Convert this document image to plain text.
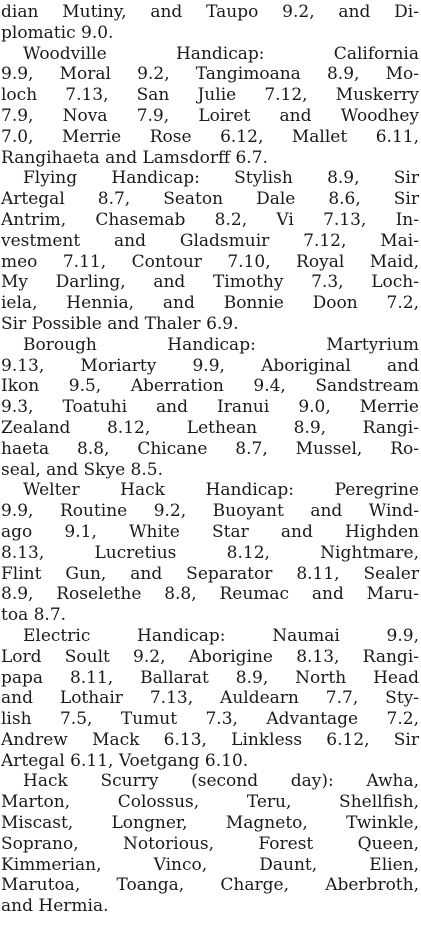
dian Mutiny, and Taupo 9.2, and Di-
plomatic 9.0.
Woodville Handicap: California
9.9, Moral 9.2, Tangimoana 8.9, Mo-
loch 7.13, San Julie 7.12, Muskerry
7.9, Nova 7.9, Loiret and Woodhey
7.0, Merrie Rose 6.12, Mallet 6.11,
Rangihaeta and Lamsdorff 6.7.
Flying Handicap: Stylish 8.9, Sir
Artegal 8.7, Seaton Dale 8.6, Sir
Antrim, Chasemab 8.2, Vi 7.13, In-
vestment and Gladsmuir 7.12, Mai-
meo 7.11, Contour 7.10, Royal Maid,
My Darling, and Timothy 7.3, Loch-
iela, Hennia, and Bonnie Doon 7.2,
Sir Possible and Thaler 6.9.
Borough Handicap: Martyrium
9.13, Moriarty 9.9, Aboriginal and
Ikon 9.5, Aberration 9.4, Sandstream
9.3, Toatuhi and Iranui 9.0, Merrie
Zealand 8.12, Lethean 8.9, Rangi-
haeta 8.8, Chicane 8.7, Mussel, Ro-
seal, and Skye 8.5.
Welter Hack Handicap: Peregrine
9.9, Routine 9.2, Buoyant and Wind-
ago 9.1, White Star and Highden
8.13, Lucretius 8.12, Nightmare,
Flint Gun, and Separator 8.11, Sealer
8.9, Roselethe 8.8, Reumac and Maru-
toa 8.7.
Electric Handicap: Naumai 9.9,
Lord Soult 9.2, Aborigine 8.13, Rangi-
papa 8.11, Ballarat 8.9, North Head
and Lothair 7.13, Auldearn 7.7, Sty-
lish 7.5, Tumut 7.3, Advantage 7.2,
Andrew Mack 6.13, Linkless 6.12, Sir
Artegal 6.11, Voetgang 6.10.
Hack Scurry (second day): Awha,
Marton, Colossus, Teru, Shellfish,
Miscast, Longner, Magneto, Twinkle,
Soprano, Notorious, Forest Queen,
Kimmerian, Vinco, Daunt, Elien,
Marutoa, Toanga, Charge, Aberbroth,
and Hermia.
